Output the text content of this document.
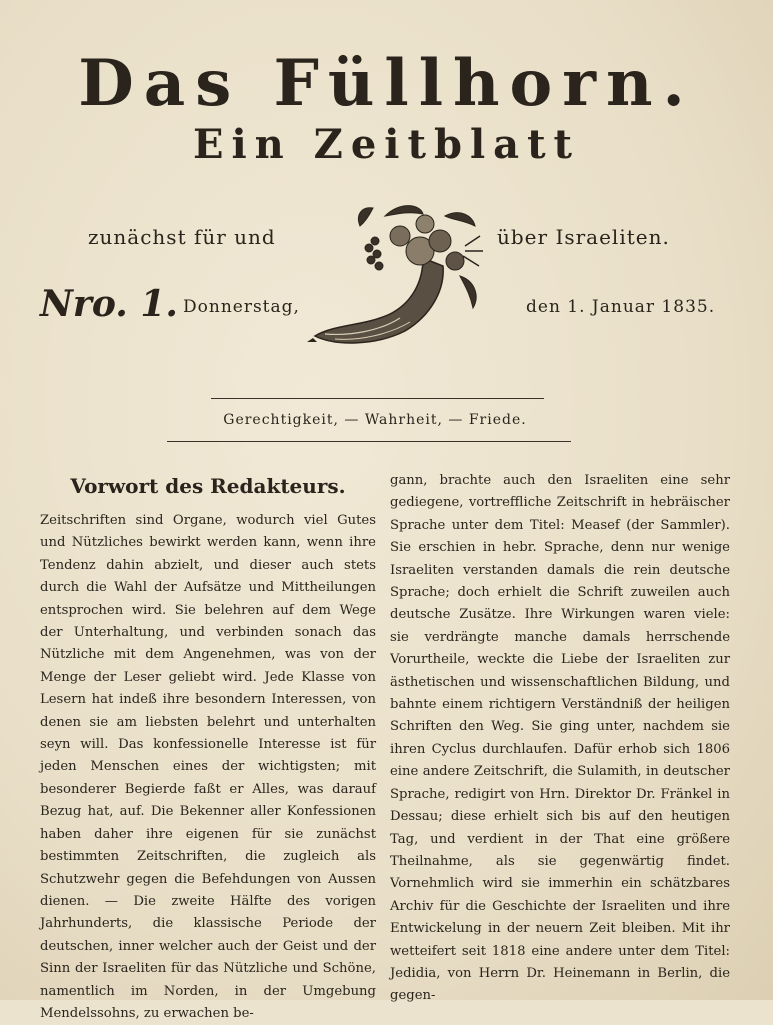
Das Füllhorn.
Ein Zeitblatt
zunächst für und	über Israeliten.
Nro. 1. Donnerstag,	den 1. Januar 1835.
Gerechtigkeit, — Wahrheit, — Friede.
Vorwort des Redakteurs.

Zeitschriften sind Organe, wodurch viel Gutes und Nützliches bewirkt werden kann, wenn ihre Tendenz dahin abzielt, und dieser auch stets durch die Wahl der Aufsätze und Mittheilungen entsprochen wird. Sie belehren auf dem Wege der Unterhaltung, und verbinden sonach das Nützliche mit dem Angenehmen, was von der Menge der Leser geliebt wird. Jede Klasse von Lesern hat indeß ihre besondern Interessen, von denen sie am liebsten belehrt und unterhalten seyn will. Das konfessionelle Interesse ist für jeden Menschen eines der wichtigsten; mit besonderer Begierde faßt er Alles, was darauf Bezug hat, auf. Die Bekenner aller Konfessionen haben daher ihre eigenen für sie zunächst bestimmten Zeitschriften, die zugleich als Schutzwehr gegen die Befehdungen von Aussen dienen. — Die zweite Hälfte des vorigen Jahrhunderts, die klassische Periode der deutschen, inner welcher auch der Geist und der Sinn der Israeliten für das Nützliche und Schöne, namentlich im Norden, in der Umgebung Mendelssohns, zu erwachen be-

gann, brachte auch den Israeliten eine sehr gediegene, vortreffliche Zeitschrift in hebräischer Sprache unter dem Titel: Measef (der Sammler). Sie erschien in hebr. Sprache, denn nur wenige Israeliten verstanden damals die rein deutsche Sprache; doch erhielt die Schrift zuweilen auch deutsche Zusätze. Ihre Wirkungen waren viele: sie verdrängte manche damals herrschende Vorurtheile, weckte die Liebe der Israeliten zur ästhetischen und wissenschaftlichen Bildung, und bahnte einem richtigern Verständniß der heiligen Schriften den Weg. Sie ging unter, nachdem sie ihren Cyclus durchlaufen. Dafür erhob sich 1806 eine andere Zeitschrift, die Sulamith, in deutscher Sprache, redigirt von Hrn. Direktor Dr. Fränkel in Dessau; diese erhielt sich bis auf den heutigen Tag, und verdient in der That eine größere Theilnahme, als sie gegenwärtig findet. Vornehmlich wird sie immerhin ein schätzbares Archiv für die Geschichte der Israeliten und ihre Entwickelung in der neuern Zeit bleiben. Mit ihr wetteifert seit 1818 eine andere unter dem Titel: Jedidia, von Herrn Dr. Heinemann in Berlin, die gegen-
